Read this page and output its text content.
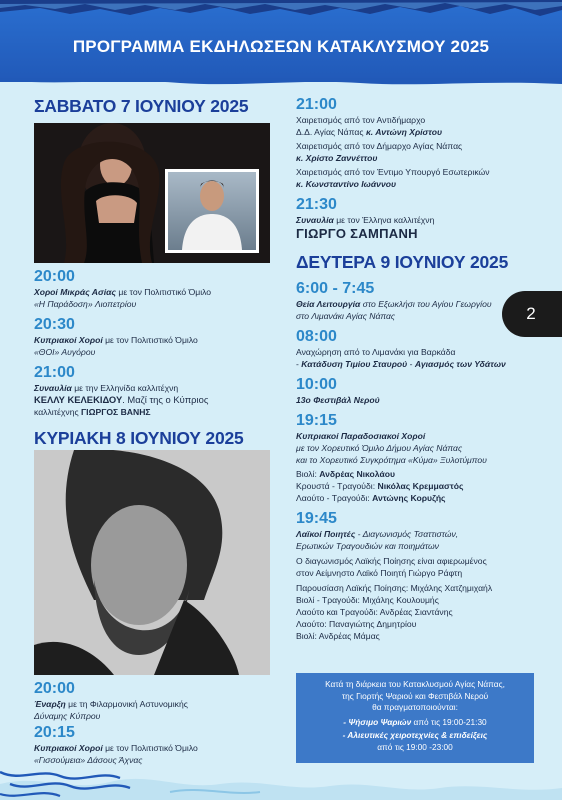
ΠΡΟΓΡΑΜΜΑ ΕΚΔΗΛΩΣΕΩΝ ΚΑΤΑΚΛΥΣΜΟΥ 2025
ΣΑΒΒΑΤΟ 7 ΙΟΥΝΙΟΥ 2025
20:00
Χοροί Μικράς Ασίας με τον Πολιτιστικό Όμιλο
«Η Παράδοση» Λιοπετρίου
20:30
Κυπριακοί Χοροί με τον Πολιτιστικό Όμιλο
«ΘΟΙ» Αυγόρου
21:00
Συναυλία με την Ελληνίδα καλλιτέχνη
ΚΕΛΛΥ ΚΕΛΕΚΙΔΟΥ. Μαζί της ο Κύπριος
καλλιτέχνης ΓΙΩΡΓΟΣ ΒΑΝΗΣ
ΚΥΡΙΑΚΗ 8 ΙΟΥΝΙΟΥ 2025
20:00
Έναρξη με τη Φιλαρμονική Αστυνομικής
Δύναμης Κύπρου
20:15
Κυπριακοί Χοροί με τον Πολιτιστικό Όμιλο
«Γισσούμεια» Δάσους Άχνας
21:00
Χαιρετισμός από τον Αντιδήμαρχο
Δ.Δ. Αγίας Νάπας κ. Αντώνη Χρίστου
Χαιρετισμός από τον Δήμαρχο Αγίας Νάπας
κ. Χρίστο Ζαννέττου
Χαιρετισμός από τον Έντιμο Υπουργό Εσωτερικών
κ. Κωνσταντίνο Ιωάννου
21:30
Συναυλία με τον Έλληνα καλλιτέχνη
ΓΙΩΡΓΟ ΣΑΜΠΑΝΗ
ΔΕΥΤΕΡΑ 9 ΙΟΥΝΙΟΥ 2025
6:00 - 7:45
Θεία Λειτουργία στο Εξωκλήσι του Αγίου Γεωργίου
στο Λιμανάκι Αγίας Νάπας
08:00
Αναχώρηση από το Λιμανάκι για Βαρκάδα
- Κατάδυση Τιμίου Σταυρού - Αγιασμός των Υδάτων
10:00
13ο Φεστιβάλ Νερού
19:15
Κυπριακοί Παραδοσιακοί Χοροί
με τον Χορευτικό Όμιλο Δήμου Αγίας Νάπας
και το Χορευτικό Συγκρότημα «Κύμα» Ξυλοτύμπου
Βιολί: Ανδρέας Νικολάου
Κρουστά - Τραγούδι: Νικόλας Κρεμμαστός
Λαούτο - Τραγούδι: Αντώνης Κορυζής
19:45
Λαϊκοί Ποιητές - Διαγωνισμός Τσαττιστών,
Ερωτικών Τραγουδιών και ποιημάτων
Ο διαγωνισμός Λαϊκής Ποίησης είναι αφιερωμένος
στον Αείμνηστο Λαϊκό Ποιητή Γιώργο Ράφτη
Παρουσίαση Λαϊκής Ποίησης: Μιχάλης Χατζημιχαήλ
Βιολί - Τραγούδι: Μιχάλης Κουλουμής
Λαούτο και Τραγούδι: Ανδρέας Σιαντάνης
Λαούτο: Παναγιώτης Δημητρίου
Βιολί: Ανδρέας Μάμας
Κατά τη διάρκεια του Κατακλυσμού Αγίας Νάπας,
της Γιορτής Ψαριού και Φεστιβάλ Νερού
θα πραγματοποιούνται:
- Ψήσιμο Ψαριών από τις 19:00-21:30
- Αλιευτικές χειροτεχνίες & επιδείξεις
από τις 19:00 -23:00
2
